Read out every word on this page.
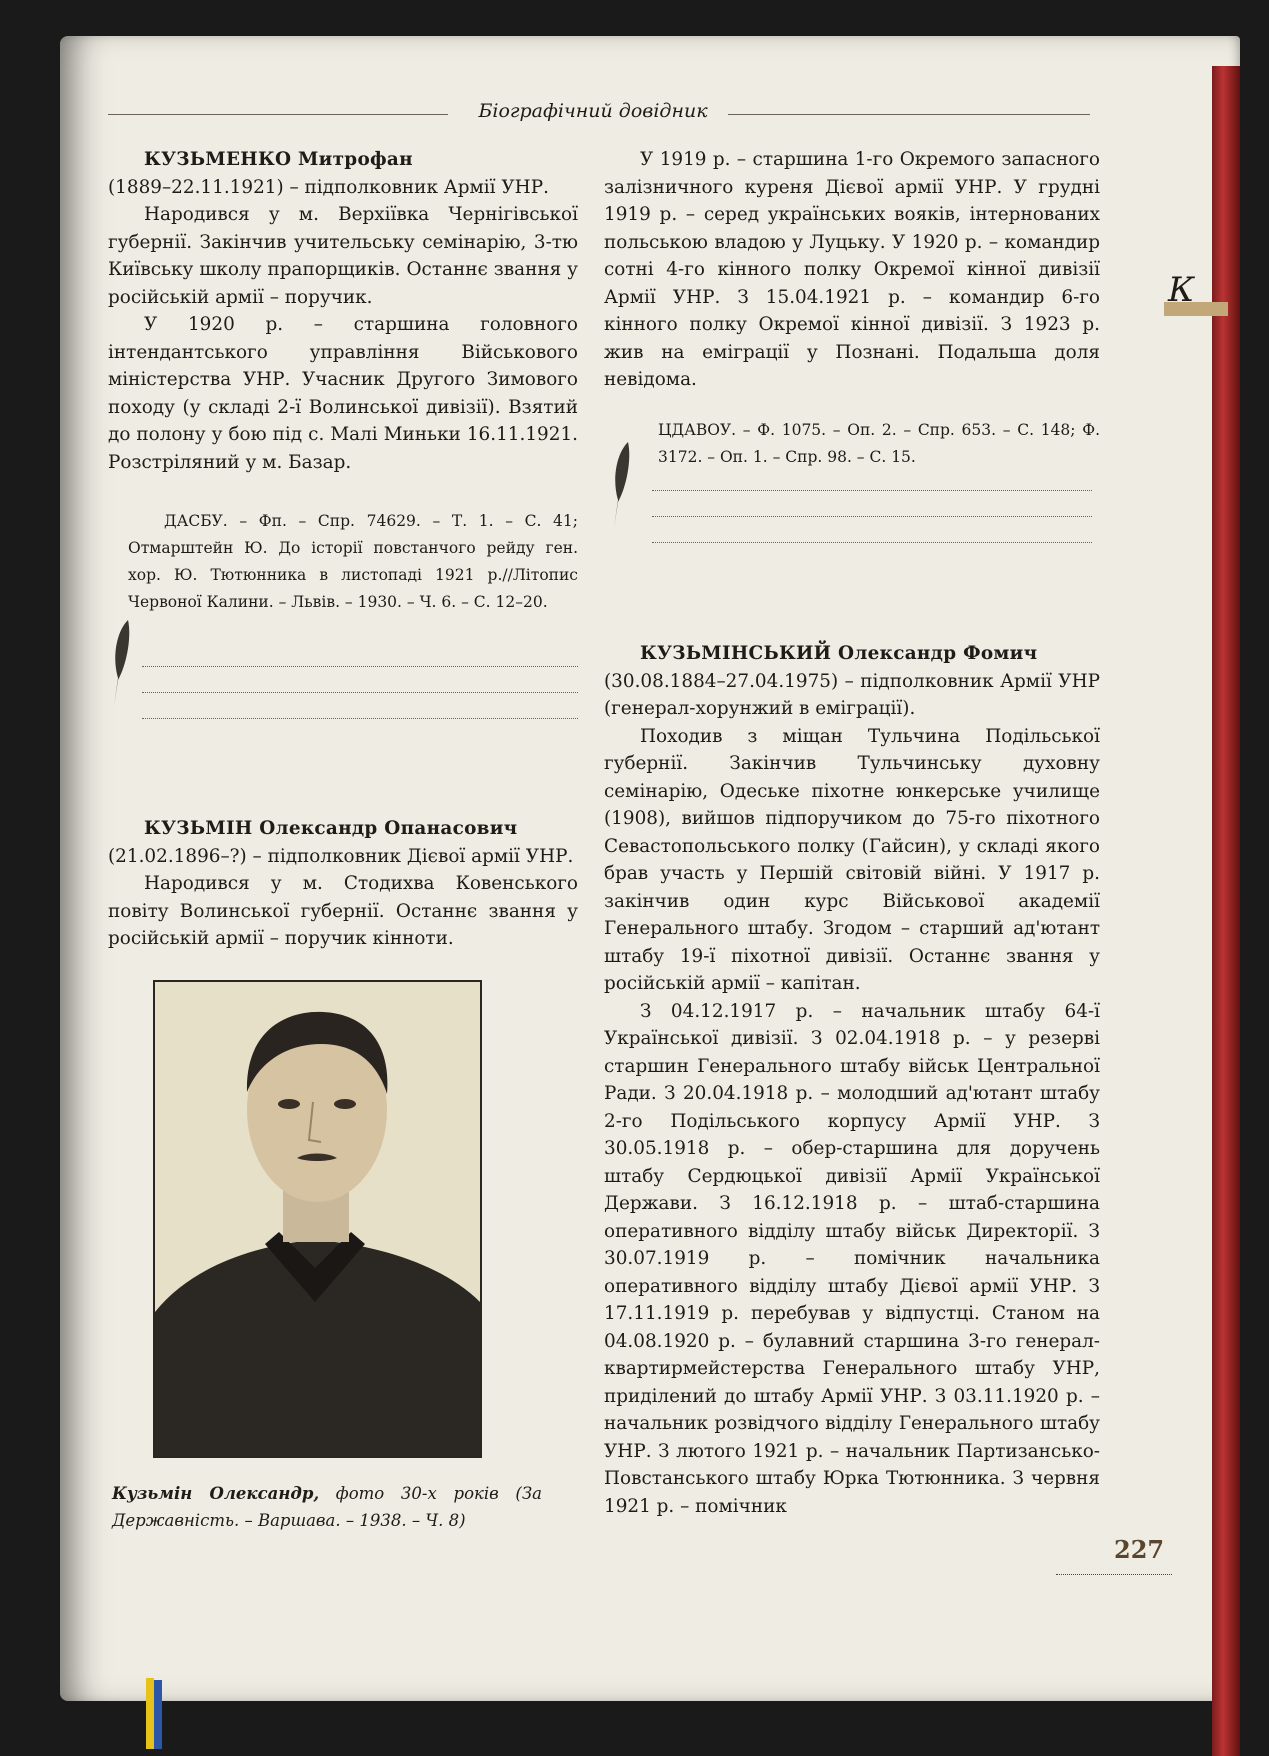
Біографічний довідник
К

КУЗЬМЕНКО Митрофан

(1889–22.11.1921) – підполковник Армії УНР.

Народився у м. Верхіївка Чернігівської губернії. Закінчив учительську семінарію, 3-тю Київську школу прапорщиків. Останнє звання у російській армії – поручик.

У 1920 р. – старшина головного інтендантського управління Військового міністерства УНР. Учасник Другого Зимового походу (у складі 2-ї Волинської дивізії). Взятий до полону у бою під с. Малі Миньки 16.11.1921. Розстріляний у м. Базар.

ДАСБУ. – Фп. – Спр. 74629. – Т. 1. – С. 41; Отмарштейн Ю. До історії повстанчого рейду ген. хор. Ю. Тютюнника в листопаді 1921 р.//Літопис Червоної Калини. – Львів. – 1930. – Ч. 6. – С. 12–20.

КУЗЬМІН Олександр Опанасович

(21.02.1896–?) – підполковник Дієвої армії УНР.

Народився у м. Стодихва Ковенського повіту Волинської губернії. Останнє звання у російській армії – поручик кінноти.

Кузьмін Олександр, фото 30-х років (За Державність. – Варшава. – 1938. – Ч. 8)

У 1919 р. – старшина 1-го Окремого запасного залізничного куреня Дієвої армії УНР. У грудні 1919 р. – серед українських вояків, інтернованих польською владою у Луцьку. У 1920 р. – командир сотні 4-го кінного полку Окремої кінної дивізії Армії УНР. З 15.04.1921 р. – командир 6-го кінного полку Окремої кінної дивізії. З 1923 р. жив на еміграції у Познані. Подальша доля невідома.

ЦДАВОУ. – Ф. 1075. – Оп. 2. – Спр. 653. – С. 148; Ф. 3172. – Оп. 1. – Спр. 98. – С. 15.

КУЗЬМІНСЬКИЙ Олександр Фомич

(30.08.1884–27.04.1975) – підполковник Армії УНР (генерал-хорунжий в еміграції).

Походив з міщан Тульчина Подільської губернії. Закінчив Тульчинську духовну семінарію, Одеське піхотне юнкерське училище (1908), вийшов підпоручиком до 75-го піхотного Севастопольського полку (Гайсин), у складі якого брав участь у Першій світовій війні. У 1917 р. закінчив один курс Військової академії Генерального штабу. Згодом – старший ад'ютант штабу 19-ї піхотної дивізії. Останнє звання у російській армії – капітан.

З 04.12.1917 р. – начальник штабу 64-ї Української дивізії. З 02.04.1918 р. – у резерві старшин Генерального штабу військ Центральної Ради. З 20.04.1918 р. – молодший ад'ютант штабу 2-го Подільського корпусу Армії УНР. З 30.05.1918 р. – обер-старшина для доручень штабу Сердюцької дивізії Армії Української Держави. З 16.12.1918 р. – штаб-старшина оперативного відділу штабу військ Директорії. З 30.07.1919 р. – помічник начальника оперативного відділу штабу Дієвої армії УНР. З 17.11.1919 р. перебував у відпустці. Станом на 04.08.1920 р. – булавний старшина 3-го генерал-квартирмейстерства Генерального штабу УНР, приділений до штабу Армії УНР. З 03.11.1920 р. – начальник розвідчого відділу Генерального штабу УНР. З лютого 1921 р. – начальник Партизансько-Повстанського штабу Юрка Тютюнника. З червня 1921 р. – помічник

227
